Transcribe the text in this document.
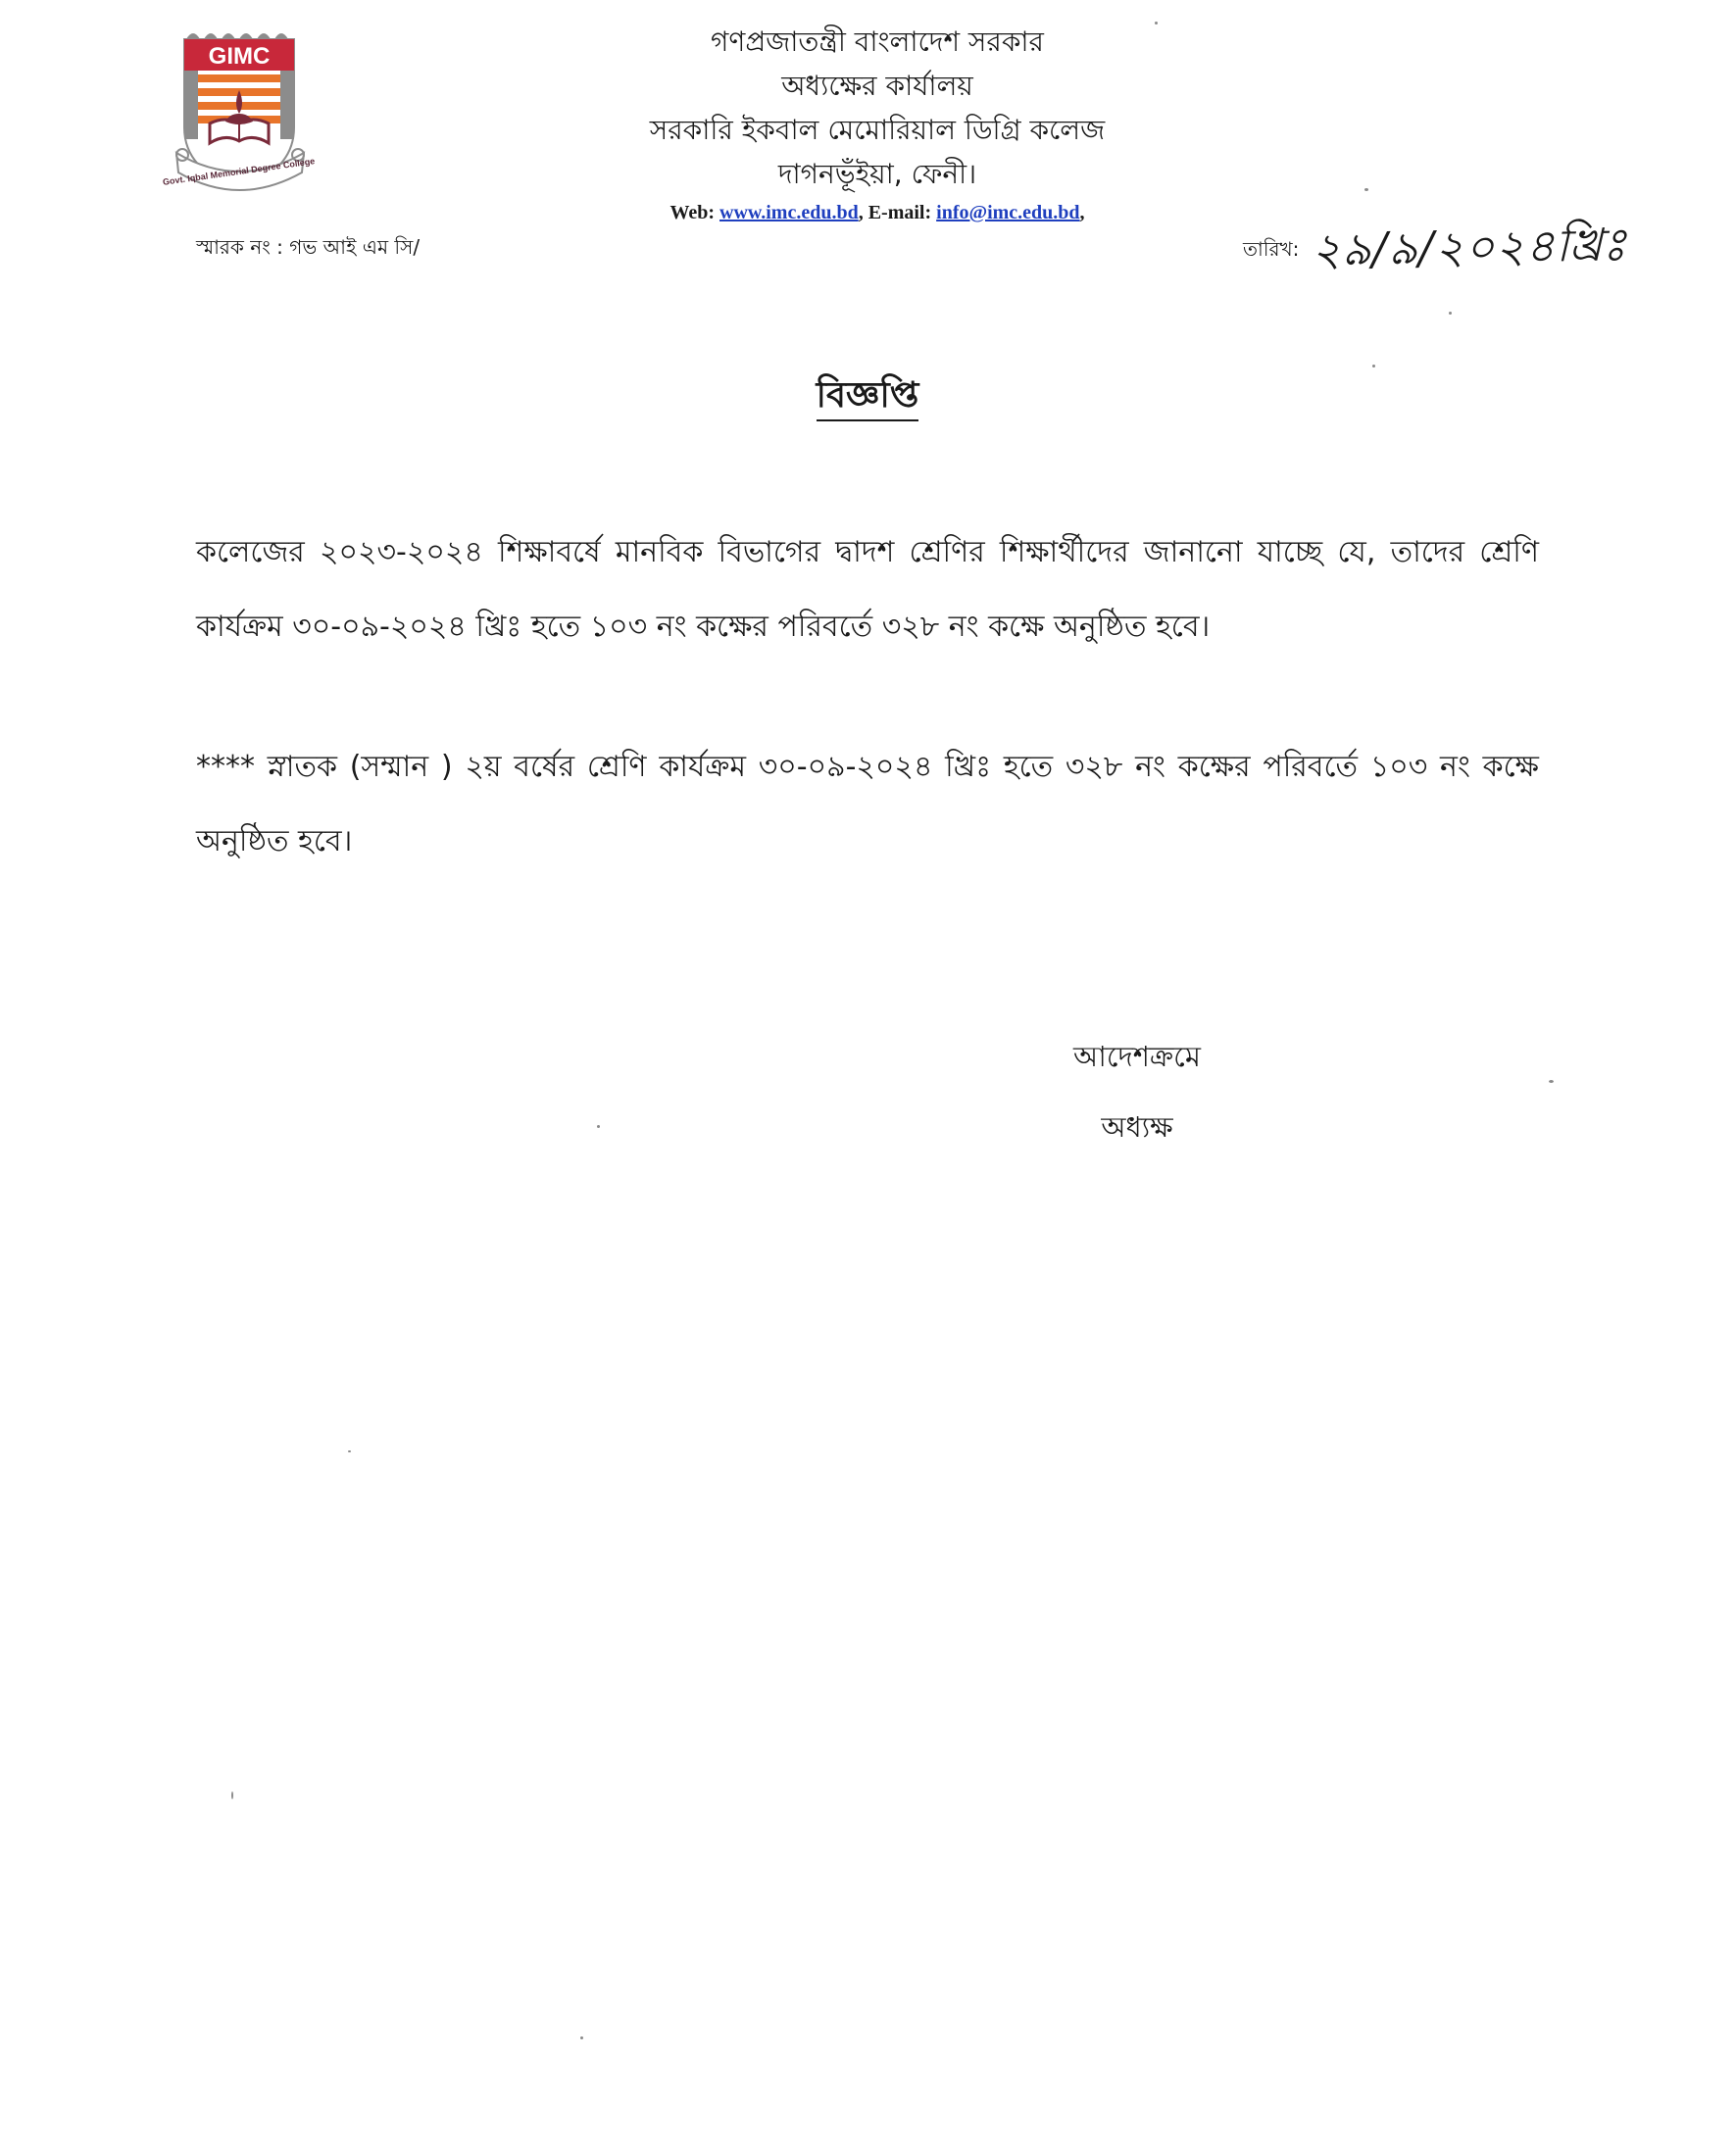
GIMC
Govt. Iqbal Memorial Degree College
গণপ্রজাতন্ত্রী বাংলাদেশ সরকার
অধ্যক্ষের কার্যালয়
সরকারি ইকবাল মেমোরিয়াল ডিগ্রি কলেজ
দাগনভূঁইয়া, ফেনী।
Web: www.imc.edu.bd, E-mail: info@imc.edu.bd,
স্মারক নং : গভ আই এম সি/	তারিখ: ২৯/৯/২০২৪খ্রিঃ
বিজ্ঞপ্তি
কলেজের ২০২৩-২০২৪ শিক্ষাবর্ষে মানবিক বিভাগের দ্বাদশ শ্রেণির শিক্ষার্থীদের জানানো যাচ্ছে যে, তাদের শ্রেণি কার্যক্রম ৩০-০৯-২০২৪ খ্রিঃ হতে ১০৩ নং কক্ষের পরিবর্তে ৩২৮ নং কক্ষে অনুষ্ঠিত হবে।
**** স্নাতক (সম্মান ) ২য় বর্ষের শ্রেণি কার্যক্রম ৩০-০৯-২০২৪ খ্রিঃ হতে ৩২৮ নং কক্ষের পরিবর্তে ১০৩ নং কক্ষে অনুষ্ঠিত হবে।
আদেশক্রমে
অধ্যক্ষ
